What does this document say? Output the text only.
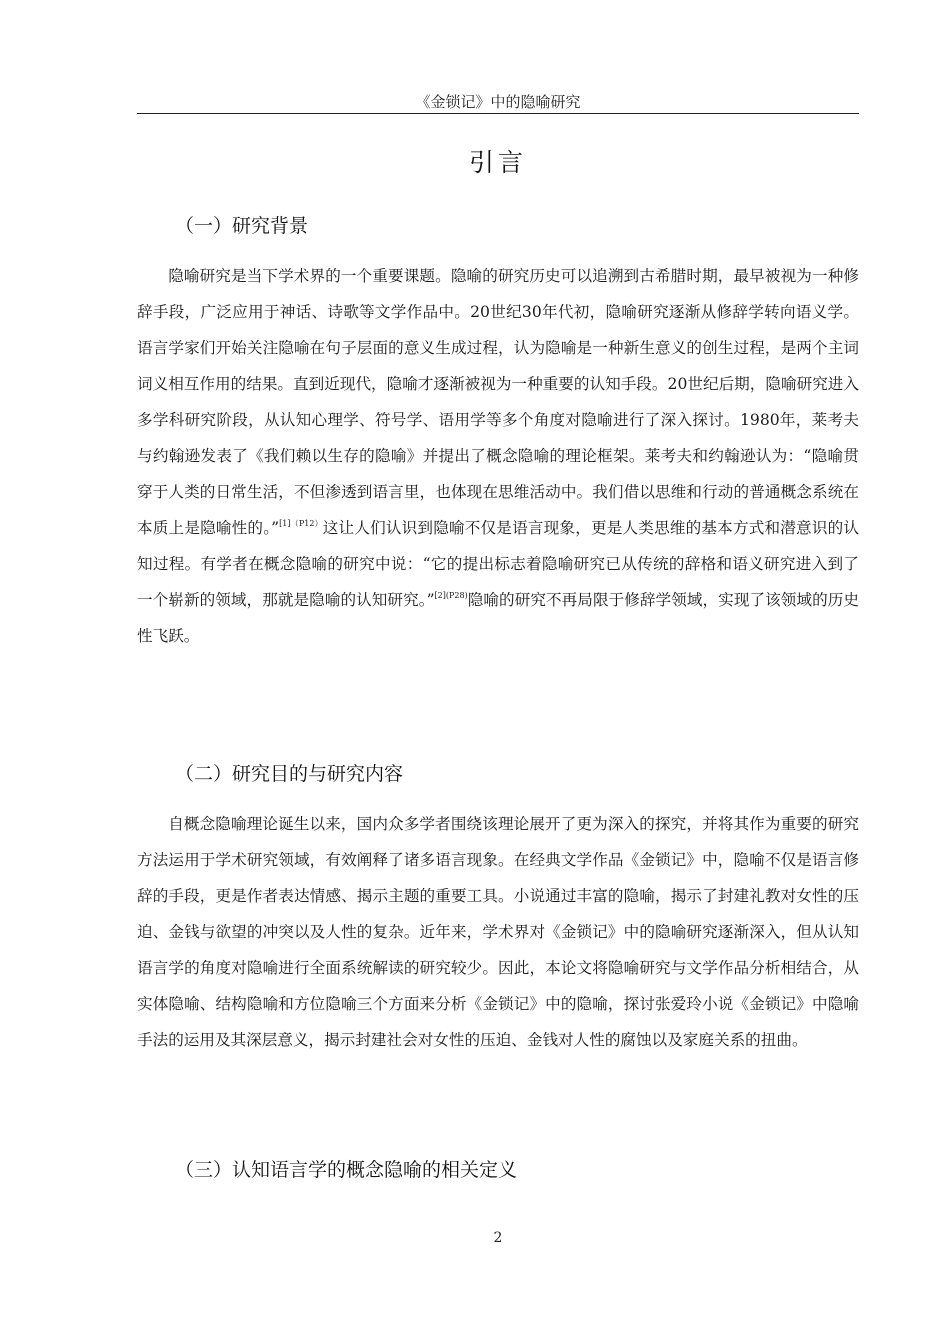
《金锁记》中的隐喻研究
引言
（一）研究背景
隐喻研究是当下学术界的一个重要课题。隐喻的研究历史可以追溯到古希腊时期，最早被视为一种修辞手段，广泛应用于神话、诗歌等文学作品中。20世纪30年代初，隐喻研究逐渐从修辞学转向语义学。语言学家们开始关注隐喻在句子层面的意义生成过程，认为隐喻是一种新生意义的创生过程，是两个主词词义相互作用的结果。直到近现代，隐喻才逐渐被视为一种重要的认知手段。20世纪后期，隐喻研究进入多学科研究阶段，从认知心理学、符号学、语用学等多个角度对隐喻进行了深入探讨。1980年，莱考夫与约翰逊发表了《我们赖以生存的隐喻》并提出了概念隐喻的理论框架。莱考夫和约翰逊认为：“隐喻贯穿于人类的日常生活，不但渗透到语言里，也体现在思维活动中。我们借以思维和行动的普通概念系统在本质上是隐喻性的。”$^{[1](P12)}$这让人们认识到隐喻不仅是语言现象，更是人类思维的基本方式和潜意识的认知过程。有学者在概念隐喻的研究中说：“它的提出标志着隐喻研究已从传统的辞格和语义研究进入到了一个崭新的领域，那就是隐喻的认知研究。”$^{[2](P28)}$隐喻的研究不再局限于修辞学领域，实现了该领域的历史性飞跃。
（二）研究目的与研究内容
自概念隐喻理论诞生以来，国内众多学者围绕该理论展开了更为深入的探究，并将其作为重要的研究方法运用于学术研究领域，有效阐释了诸多语言现象。在经典文学作品《金锁记》中，隐喻不仅是语言修辞的手段，更是作者表达情感、揭示主题的重要工具。小说通过丰富的隐喻，揭示了封建礼教对女性的压迫、金钱与欲望的冲突以及人性的复杂。近年来，学术界对《金锁记》中的隐喻研究逐渐深入，但从认知语言学的角度对隐喻进行全面系统解读的研究较少。因此，本论文将隐喻研究与文学作品分析相结合，从实体隐喻、结构隐喻和方位隐喻三个方面来分析《金锁记》中的隐喻，探讨张爱玲小说《金锁记》中隐喻手法的运用及其深层意义，揭示封建社会对女性的压迫、金钱对人性的腐蚀以及家庭关系的扭曲。
（三）认知语言学的概念隐喻的相关定义
2
